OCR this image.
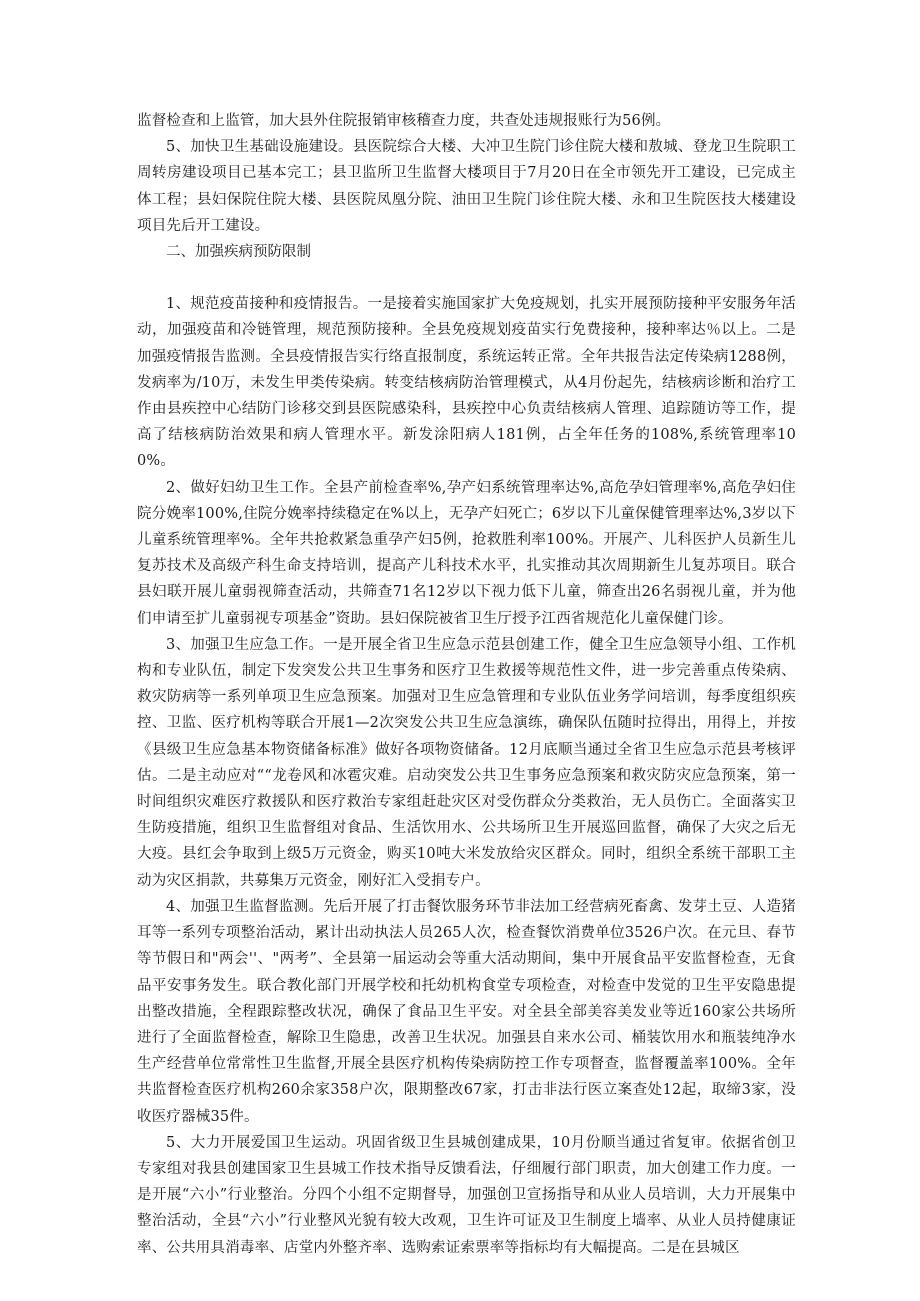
监督检查和上监管，加大县外住院报销审核稽查力度，共查处违规报账行为56例。

5、加快卫生基础设施建设。县医院综合大楼、大冲卫生院门诊住院大楼和敖城、登龙卫生院职工周转房建设项目已基本完工；县卫监所卫生监督大楼项目于7月20日在全市领先开工建设，已完成主体工程；县妇保院住院大楼、县医院凤凰分院、油田卫生院门诊住院大楼、永和卫生院医技大楼建设项目先后开工建设。

二、加强疾病预防限制

1、规范疫苗接种和疫情报告。一是接着实施国家扩大免疫规划，扎实开展预防接种平安服务年活动，加强疫苗和冷链管理，规范预防接种。全县免疫规划疫苗实行免费接种，接种率达％以上。二是加强疫情报告监测。全县疫情报告实行络直报制度，系统运转正常。全年共报告法定传染病1288例，发病率为/10万，未发生甲类传染病。转变结核病防治管理模式，从4月份起先，结核病诊断和治疗工作由县疾控中心结防门诊移交到县医院感染科，县疾控中心负责结核病人管理、追踪随访等工作，提高了结核病防治效果和病人管理水平。新发涂阳病人181例，占全年任务的108%,系统管理率100%。

2、做好妇幼卫生工作。全县产前检查率%,孕产妇系统管理率达%,高危孕妇管理率%,高危孕妇住院分娩率100%,住院分娩率持续稳定在%以上，无孕产妇死亡；6岁以下儿童保健管理率达%,3岁以下儿童系统管理率%。全年共抢救紧急重孕产妇5例，抢救胜利率100%。开展产、儿科医护人员新生儿复苏技术及高级产科生命支持培训，提高产儿科技术水平，扎实推动其次周期新生儿复苏项目。联合县妇联开展儿童弱视筛查活动，共筛查71名12岁以下视力低下儿童，筛查出26名弱视儿童，并为他们申请至扩儿童弱视专项基金”资助。县妇保院被省卫生厅授予江西省规范化儿童保健门诊。

3、加强卫生应急工作。一是开展全省卫生应急示范县创建工作，健全卫生应急领导小组、工作机构和专业队伍，制定下发突发公共卫生事务和医疗卫生救援等规范性文件，进一步完善重点传染病、救灾防病等一系列单项卫生应急预案。加强对卫生应急管理和专业队伍业务学问培训，每季度组织疾控、卫监、医疗机构等联合开展1—2次突发公共卫生应急演练，确保队伍随时拉得出，用得上，并按《县级卫生应急基本物资储备标准》做好各项物资储备。12月底顺当通过全省卫生应急示范县考核评估。二是主动应对““龙卷风和冰雹灾难。启动突发公共卫生事务应急预案和救灾防灾应急预案，第一时间组织灾难医疗救援队和医疗救治专家组赶赴灾区对受伤群众分类救治，无人员伤亡。全面落实卫生防疫措施，组织卫生监督组对食品、生活饮用水、公共场所卫生开展巡回监督，确保了大灾之后无大疫。县红会争取到上级5万元资金，购买10吨大米发放给灾区群众。同时，组织全系统干部职工主动为灾区捐款，共募集万元资金，刚好汇入受捐专户。

4、加强卫生监督监测。先后开展了打击餐饮服务环节非法加工经营病死畜禽、发芽土豆、人造猪耳等一系列专项整治活动，累计出动执法人员265人次，检查餐饮消费单位3526户次。在元旦、春节等节假日和"两会''、"两考”、全县第一届运动会等重大活动期间，集中开展食品平安监督检查，无食品平安事务发生。联合教化部门开展学校和托幼机构食堂专项检查，对检查中发觉的卫生平安隐患提出整改措施，全程跟踪整改状况，确保了食品卫生平安。对全县全部美容美发业等近160家公共场所进行了全面监督检查，解除卫生隐患，改善卫生状况。加强县自来水公司、桶装饮用水和瓶装纯净水生产经营单位常常性卫生监督,开展全县医疗机构传染病防控工作专项督查，监督覆盖率100%。全年共监督检查医疗机构260余家358户次，限期整改67家，打击非法行医立案查处12起，取缔3家，没收医疗器械35件。

5、大力开展爱国卫生运动。巩固省级卫生县城创建成果，10月份顺当通过省复审。依据省创卫专家组对我县创建国家卫生县城工作技术指导反馈看法，仔细履行部门职责，加大创建工作力度。一是开展“六小”行业整治。分四个小组不定期督导，加强创卫宣扬指导和从业人员培训，大力开展集中整治活动，全县“六小”行业整风光貌有较大改观，卫生许可证及卫生制度上墙率、从业人员持健康证率、公共用具消毒率、店堂内外整齐率、选购索证索票率等指标均有大幅提高。二是在县城区
